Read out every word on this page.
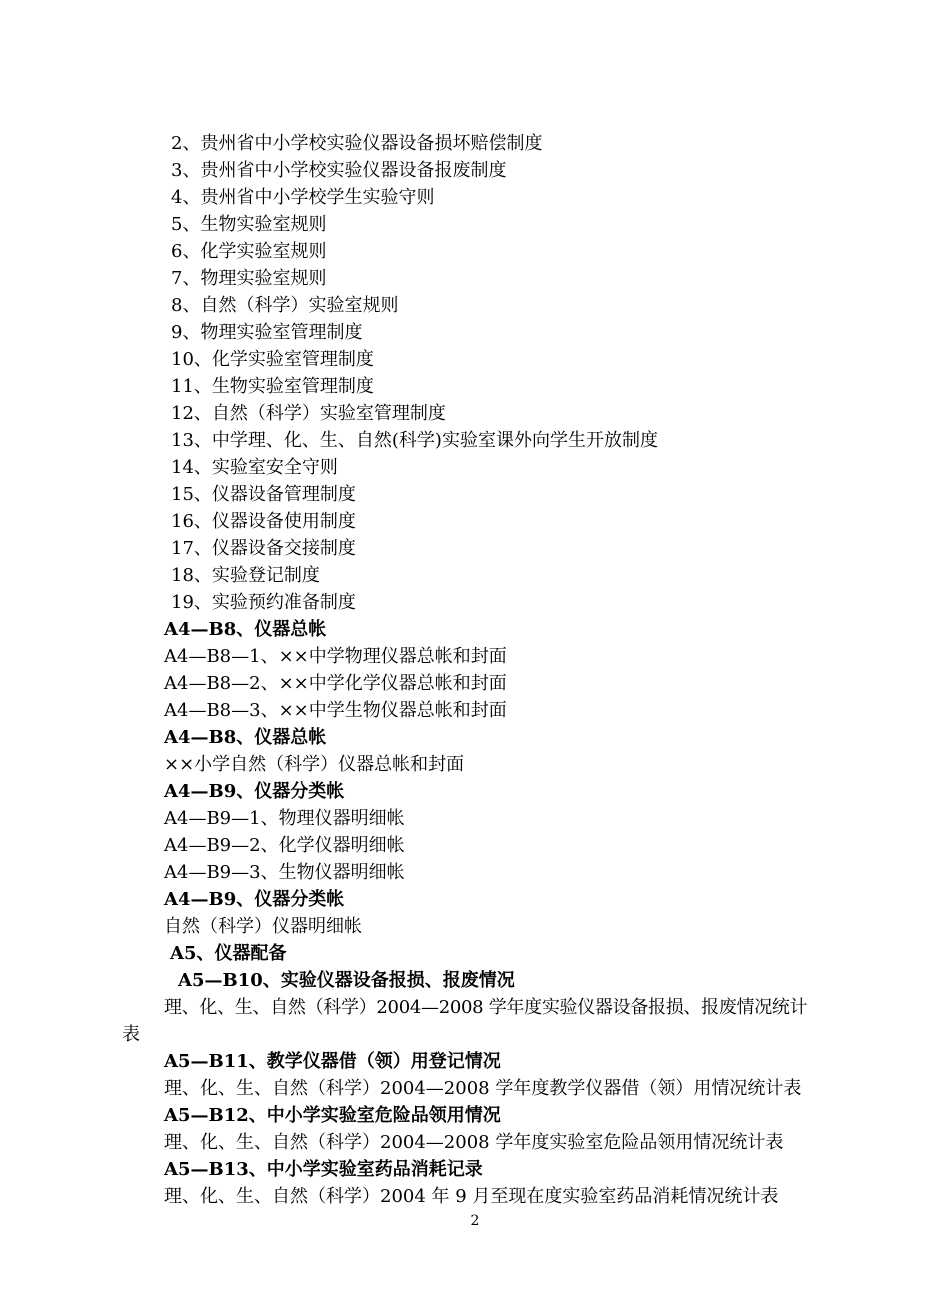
2、贵州省中小学校实验仪器设备损坏赔偿制度
3、贵州省中小学校实验仪器设备报废制度
4、贵州省中小学校学生实验守则
5、生物实验室规则
6、化学实验室规则
7、物理实验室规则
8、自然（科学）实验室规则
9、物理实验室管理制度
10、化学实验室管理制度
11、生物实验室管理制度
12、自然（科学）实验室管理制度
13、中学理、化、生、自然(科学)实验室课外向学生开放制度
14、实验室安全守则
15、仪器设备管理制度
16、仪器设备使用制度
17、仪器设备交接制度
18、实验登记制度
19、实验预约准备制度
A4—B8、仪器总帐
A4—B8—1、××中学物理仪器总帐和封面
A4—B8—2、××中学化学仪器总帐和封面
A4—B8—3、××中学生物仪器总帐和封面
A4—B8、仪器总帐
××小学自然（科学）仪器总帐和封面
A4—B9、仪器分类帐
A4—B9—1、物理仪器明细帐
A4—B9—2、化学仪器明细帐
A4—B9—3、生物仪器明细帐
A4—B9、仪器分类帐
自然（科学）仪器明细帐
A5、仪器配备
A5—B10、实验仪器设备报损、报废情况
理、化、生、自然（科学）2004—2008 学年度实验仪器设备报损、报废情况统计
表
A5—B11、教学仪器借（领）用登记情况
理、化、生、自然（科学）2004—2008 学年度教学仪器借（领）用情况统计表
A5—B12、中小学实验室危险品领用情况
理、化、生、自然（科学）2004—2008 学年度实验室危险品领用情况统计表
A5—B13、中小学实验室药品消耗记录
理、化、生、自然（科学）2004 年 9 月至现在度实验室药品消耗情况统计表
2
